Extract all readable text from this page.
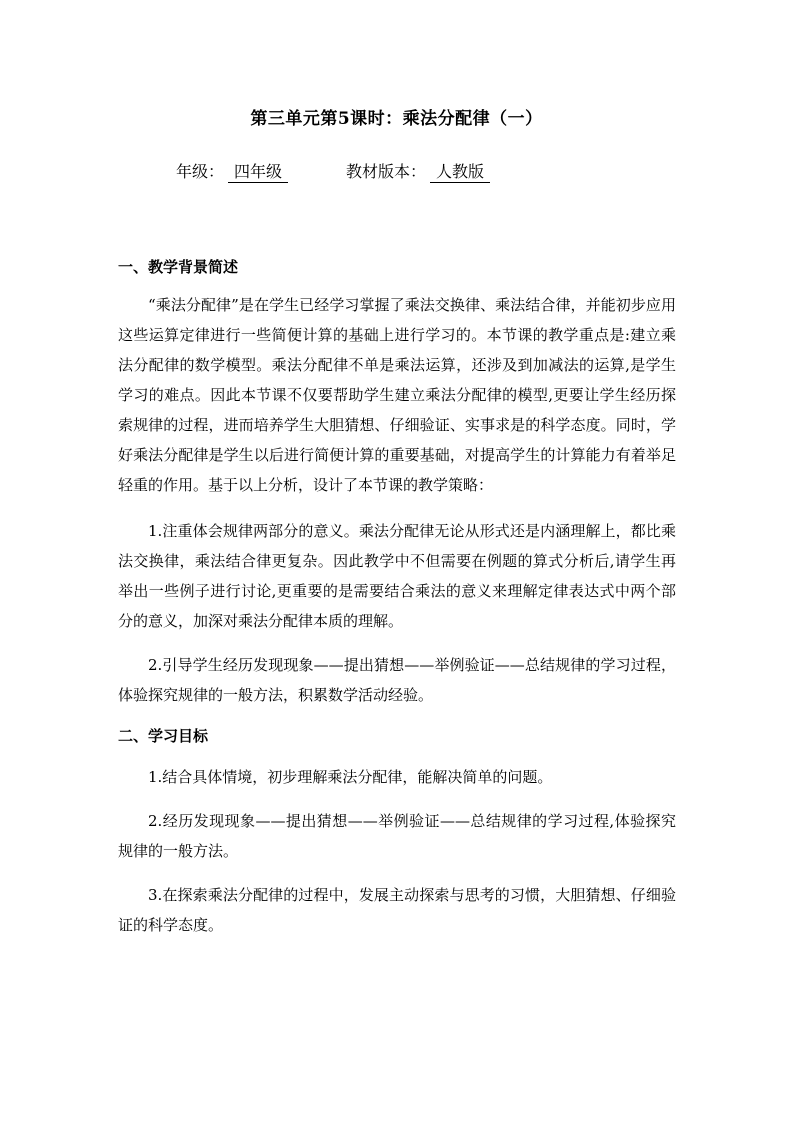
第三单元第5课时：乘法分配律（一）
年级： 四年级	教材版本： 人教版

一、教学背景简述

“乘法分配律”是在学生已经学习掌握了乘法交换律、乘法结合律，并能初步应用这些运算定律进行一些简便计算的基础上进行学习的。本节课的教学重点是:建立乘法分配律的数学模型。乘法分配律不单是乘法运算，还涉及到加减法的运算,是学生学习的难点。因此本节课不仅要帮助学生建立乘法分配律的模型,更要让学生经历探索规律的过程，进而培养学生大胆猜想、仔细验证、实事求是的科学态度。同时，学好乘法分配律是学生以后进行简便计算的重要基础，对提高学生的计算能力有着举足轻重的作用。基于以上分析，设计了本节课的教学策略：

1.注重体会规律两部分的意义。乘法分配律无论从形式还是内涵理解上，都比乘法交换律，乘法结合律更复杂。因此教学中不但需要在例题的算式分析后,请学生再举出一些例子进行讨论,更重要的是需要结合乘法的意义来理解定律表达式中两个部分的意义，加深对乘法分配律本质的理解。

2.引导学生经历发现现象——提出猜想——举例验证——总结规律的学习过程，体验探究规律的一般方法，积累数学活动经验。

二、学习目标

1.结合具体情境，初步理解乘法分配律，能解决简单的问题。

2.经历发现现象——提出猜想——举例验证——总结规律的学习过程,体验探究规律的一般方法。

3.在探索乘法分配律的过程中，发展主动探索与思考的习惯，大胆猜想、仔细验证的科学态度。
